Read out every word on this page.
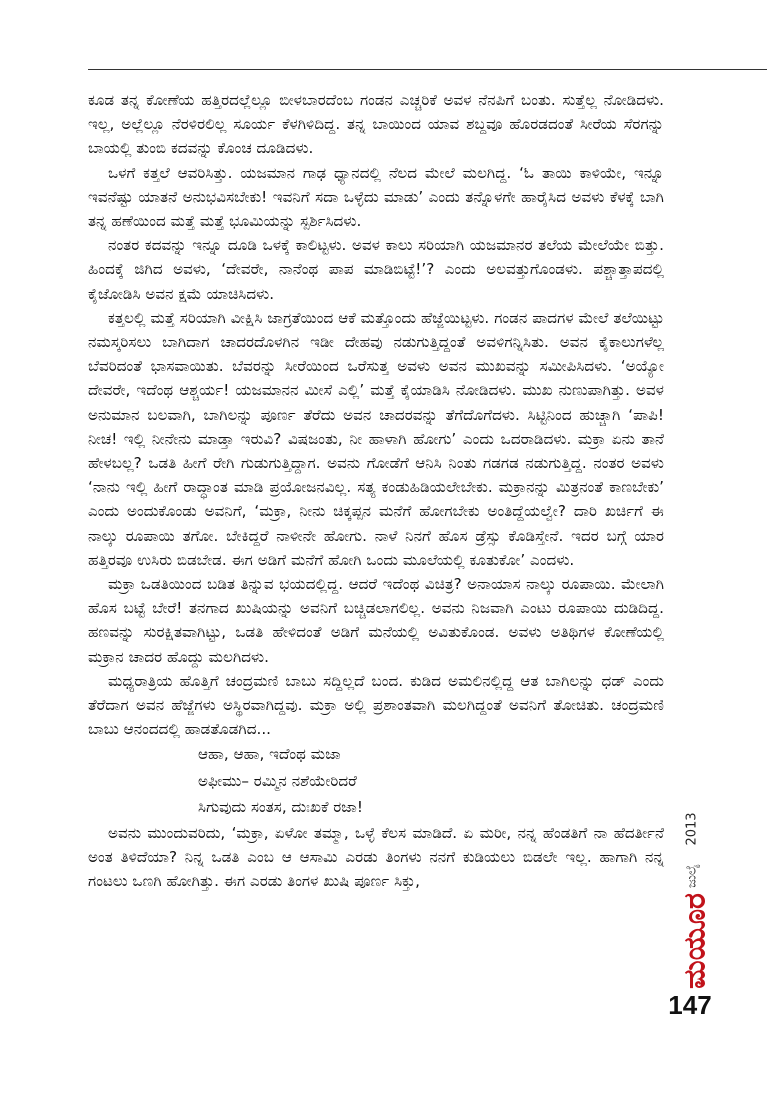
ಕೂಡ ತನ್ನ ಕೋಣೆಯ ಹತ್ತಿರದಲ್ಲೆಲ್ಲೂ ಬೀಳಬಾರದೆಂಬ ಗಂಡನ ಎಚ್ಚರಿಕೆ ಅವಳ ನೆನಪಿಗೆ ಬಂತು. ಸುತ್ತೆಲ್ಲ ನೋಡಿದಳು. ಇಲ್ಲ, ಅಲ್ಲೆಲ್ಲೂ ನೆರಳಿರಲಿಲ್ಲ ಸೂರ್ಯ ಕೆಳಗಿಳಿದಿದ್ದ. ತನ್ನ ಬಾಯಿಂದ ಯಾವ ಶಬ್ದವೂ ಹೊರಡದಂತೆ ಸೀರೆಯ ಸೆರಗನ್ನು ಬಾಯಲ್ಲಿ ತುಂಬಿ ಕದವನ್ನು ಕೊಂಚ ದೂಡಿದಳು.

ಒಳಗೆ ಕತ್ತಲೆ ಆವರಿಸಿತ್ತು. ಯಜಮಾನ ಗಾಢ ಧ್ಯಾನದಲ್ಲಿ ನೆಲದ ಮೇಲೆ ಮಲಗಿದ್ದ. ‘ಓ ತಾಯಿ ಕಾಳಿಯೇ, ಇನ್ನೂ ಇವನೆಷ್ಟು ಯಾತನೆ ಅನುಭವಿಸಬೇಕು! ಇವನಿಗೆ ಸದಾ ಒಳ್ಳೆದು ಮಾಡು’ ಎಂದು ತನ್ನೊಳಗೇ ಹಾರೈಸಿದ ಅವಳು ಕೆಳಕ್ಕೆ ಬಾಗಿ ತನ್ನ ಹಣೆಯಿಂದ ಮತ್ತೆ ಮತ್ತೆ ಭೂಮಿಯನ್ನು ಸ್ಪರ್ಶಿಸಿದಳು.

ನಂತರ ಕದವನ್ನು ಇನ್ನೂ ದೂಡಿ ಒಳಕ್ಕೆ ಕಾಲಿಟ್ಟಳು. ಅವಳ ಕಾಲು ಸರಿಯಾಗಿ ಯಜಮಾನರ ತಲೆಯ ಮೇಲೆಯೇ ಬಿತ್ತು. ಹಿಂದಕ್ಕೆ ಜಿಗಿದ ಅವಳು, ‘ದೇವರೇ, ನಾನೆಂಥ ಪಾಪ ಮಾಡಿಬಿಟ್ಟೆ!’? ಎಂದು ಅಲವತ್ತುಗೊಂಡಳು. ಪಶ್ಚಾತ್ತಾಪದಲ್ಲಿ ಕೈಜೋಡಿಸಿ ಅವನ ಕ್ಷಮೆ ಯಾಚಿಸಿದಳು.

ಕತ್ತಲಲ್ಲಿ ಮತ್ತೆ ಸರಿಯಾಗಿ ವೀಕ್ಷಿಸಿ ಜಾಗ್ರತೆಯಿಂದ ಆಕೆ ಮತ್ತೊಂದು ಹೆಜ್ಜೆಯಿಟ್ಟಳು. ಗಂಡನ ಪಾದಗಳ ಮೇಲೆ ತಲೆಯಿಟ್ಟು ನಮಸ್ಕರಿಸಲು ಬಾಗಿದಾಗ ಚಾದರದೊಳಗಿನ ಇಡೀ ದೇಹವು ನಡುಗುತ್ತಿದ್ದಂತೆ ಅವಳಿಗನ್ನಿಸಿತು. ಅವನ ಕೈಕಾಲುಗಳೆಲ್ಲ ಬೆವರಿದಂತೆ ಭಾಸವಾಯಿತು. ಬೆವರನ್ನು ಸೀರೆಯಿಂದ ಒರೆಸುತ್ತ ಅವಳು ಅವನ ಮುಖವನ್ನು ಸಮೀಪಿಸಿದಳು. ‘ಅಯ್ಯೋ ದೇವರೇ, ಇದೆಂಥ ಆಶ್ಚರ್ಯ! ಯಜಮಾನನ ಮೀಸೆ ಎಲ್ಲಿ’ ಮತ್ತೆ ಕೈಯಾಡಿಸಿ ನೋಡಿದಳು. ಮುಖ ನುಣುಪಾಗಿತ್ತು. ಅವಳ ಅನುಮಾನ ಬಲವಾಗಿ, ಬಾಗಿಲನ್ನು ಪೂರ್ಣ ತೆರೆದು ಅವನ ಚಾದರವನ್ನು ತೆಗೆದೊಗೆದಳು. ಸಿಟ್ಟಿನಿಂದ ಹುಚ್ಚಾಗಿ ‘ಪಾಪಿ! ನೀಚ! ಇಲ್ಲಿ ನೀನೇನು ಮಾಡ್ತಾ ಇರುವಿ? ವಿಷಜಂತು, ನೀ ಹಾಳಾಗಿ ಹೋಗು’ ಎಂದು ಒದರಾಡಿದಳು. ಮಕ್ರಾ ಏನು ತಾನೆ ಹೇಳಬಲ್ಲ? ಒಡತಿ ಹೀಗೆ ರೇಗಿ ಗುಡುಗುತ್ತಿದ್ದಾಗ. ಅವನು ಗೋಡೆಗೆ ಆನಿಸಿ ನಿಂತು ಗಡಗಡ ನಡುಗುತ್ತಿದ್ದ. ನಂತರ ಅವಳು ‘ನಾನು ಇಲ್ಲಿ ಹೀಗೆ ರಾದ್ಧಾಂತ ಮಾಡಿ ಪ್ರಯೋಜನವಿಲ್ಲ. ಸತ್ಯ ಕಂಡುಹಿಡಿಯಲೇಬೇಕು. ಮಕ್ರಾನನ್ನು ಮಿತ್ರನಂತೆ ಕಾಣಬೇಕು’ ಎಂದು ಅಂದುಕೊಂಡು ಅವನಿಗೆ, ‘ಮಕ್ರಾ, ನೀನು ಚಿಕ್ಕಪ್ಪನ ಮನೆಗೆ ಹೋಗಬೇಕು ಅಂತಿದ್ದೆಯಲ್ವೇ? ದಾರಿ ಖರ್ಚಿಗೆ ಈ ನಾಲ್ಕು ರೂಪಾಯಿ ತಗೋ. ಬೇಕಿದ್ದರೆ ನಾಳೀನೇ ಹೋಗು. ನಾಳೆ ನಿನಗೆ ಹೊಸ ಡ್ರೆಸ್ಸು ಕೊಡಿಸ್ತೇನೆ. ಇದರ ಬಗ್ಗೆ ಯಾರ ಹತ್ತಿರವೂ ಉಸಿರು ಬಿಡಬೇಡ. ಈಗ ಅಡಿಗೆ ಮನೆಗೆ ಹೋಗಿ ಒಂದು ಮೂಲೆಯಲ್ಲಿ ಕೂತುಕೋ’ ಎಂದಳು.

ಮಕ್ರಾ ಒಡತಿಯಿಂದ ಬಡಿತ ತಿನ್ನುವ ಭಯದಲ್ಲಿದ್ದ. ಆದರೆ ಇದೆಂಥ ವಿಚಿತ್ರ? ಅನಾಯಾಸ ನಾಲ್ಕು ರೂಪಾಯಿ. ಮೇಲಾಗಿ ಹೊಸ ಬಟ್ಟೆ ಬೇರೆ! ತನಗಾದ ಖುಷಿಯನ್ನು ಅವನಿಗೆ ಬಚ್ಚಿಡಲಾಗಲಿಲ್ಲ. ಅವನು ನಿಜವಾಗಿ ಎಂಟು ರೂಪಾಯಿ ದುಡಿದಿದ್ದ. ಹಣವನ್ನು ಸುರಕ್ಷಿತವಾಗಿಟ್ಟು, ಒಡತಿ ಹೇಳಿದಂತೆ ಅಡಿಗೆ ಮನೆಯಲ್ಲಿ ಅವಿತುಕೊಂಡ. ಅವಳು ಅತಿಥಿಗಳ ಕೋಣೆಯಲ್ಲಿ ಮಕ್ರಾನ ಚಾದರ ಹೊದ್ದು ಮಲಗಿದಳು.

ಮಧ್ಯರಾತ್ರಿಯ ಹೊತ್ತಿಗೆ ಚಂದ್ರಮಣಿ ಬಾಬು ಸದ್ದಿಲ್ಲದೆ ಬಂದ. ಕುಡಿದ ಅಮಲಿನಲ್ಲಿದ್ದ ಆತ ಬಾಗಿಲನ್ನು ಧಡ್ ಎಂದು ತೆರೆದಾಗ ಅವನ ಹೆಜ್ಜೆಗಳು ಅಸ್ಥಿರವಾಗಿದ್ದವು. ಮಕ್ರಾ ಅಲ್ಲಿ ಪ್ರಶಾಂತವಾಗಿ ಮಲಗಿದ್ದಂತೆ ಅವನಿಗೆ ತೋಚಿತು. ಚಂದ್ರಮಣಿ ಬಾಬು ಆನಂದದಲ್ಲಿ ಹಾಡತೊಡಗಿದ...

ಆಹಾ, ಆಹಾ, ಇದೆಂಥ ಮಜಾ
ಅಫೀಮು– ರಮ್ಮಿನ ನಶೆಯೇರಿದರೆ
ಸಿಗುವುದು ಸಂತಸ, ದುಃಖಕೆ ರಜಾ!

ಅವನು ಮುಂದುವರಿದು, ‘ಮಕ್ರಾ, ಏಳೋ ತಮ್ಮಾ, ಒಳ್ಳೆ ಕೆಲಸ ಮಾಡಿದೆ. ಏ ಮರೀ, ನನ್ನ ಹೆಂಡತಿಗೆ ನಾ ಹೆದರ್ತೀನೆ ಅಂತ ತಿಳಿದೆಯಾ? ನಿನ್ನ ಒಡತಿ ಎಂಬ ಆ ಆಸಾಮಿ ಎರಡು ತಿಂಗಳು ನನಗೆ ಕುಡಿಯಲು ಬಿಡಲೇ ಇಲ್ಲ. ಹಾಗಾಗಿ ನನ್ನ ಗಂಟಲು ಒಣಗಿ ಹೋಗಿತ್ತು. ಈಗ ಎರಡು ತಿಂಗಳ ಖುಷಿ ಪೂರ್ಣ ಸಿಕ್ತು,

2013
ಜುಲೈ
ಮಯೂರ
147
